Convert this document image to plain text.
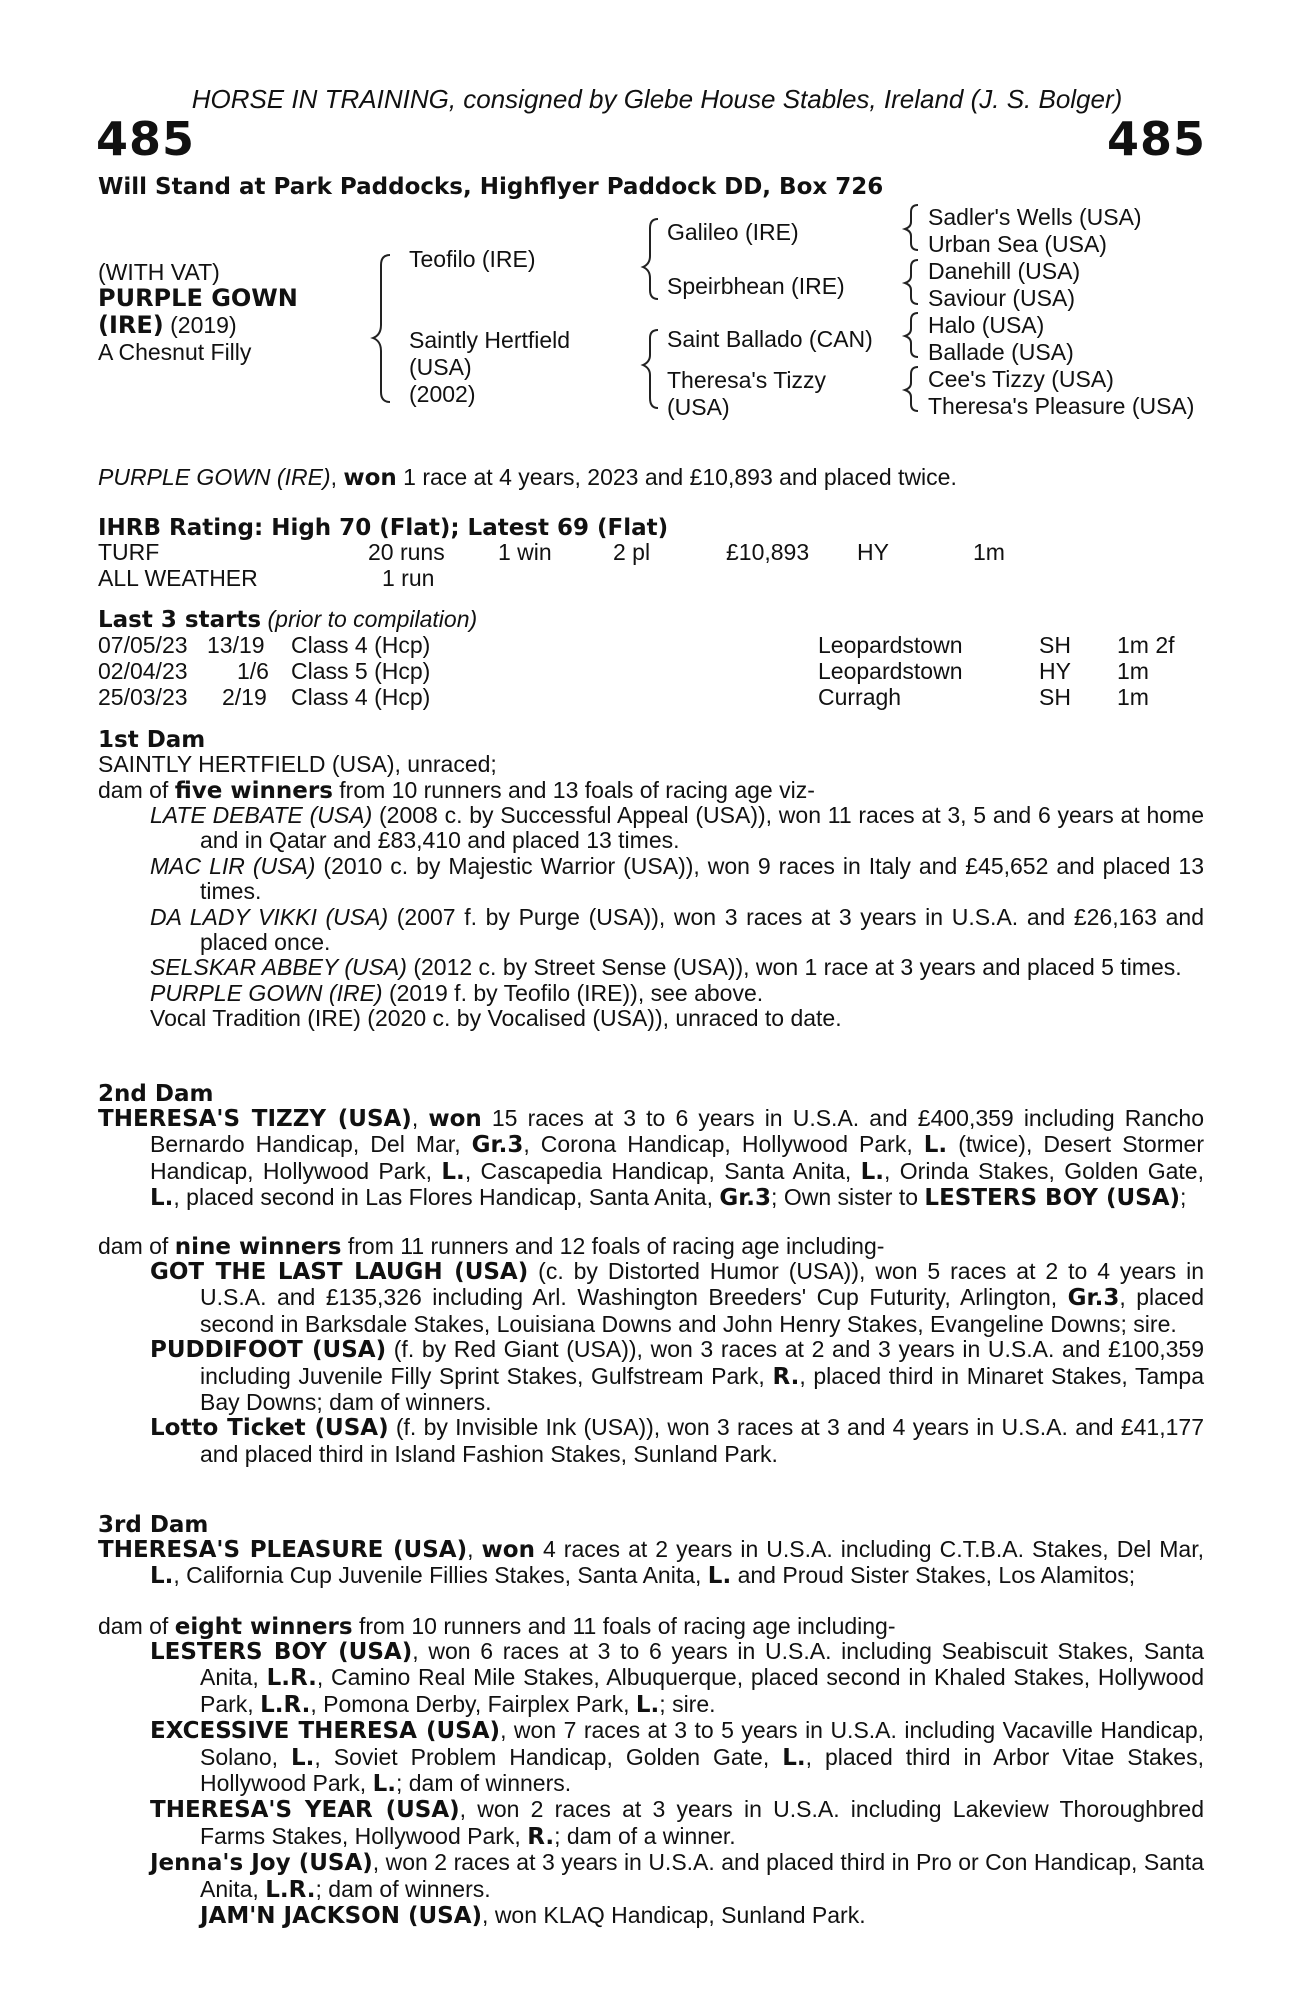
HORSE IN TRAINING, consigned by Glebe House Stables, Ireland (J. S. Bolger)
485	485
Will Stand at Park Paddocks, Highflyer Paddock DD, Box 726
(WITH VAT)
PURPLE GOWN
(IRE) (2019)
A Chesnut Filly
Teofilo (IRE)
Saintly Hertfield
(USA)
(2002)
Galileo (IRE)
Speirbhean (IRE)
Saint Ballado (CAN)
Theresa's Tizzy
(USA)
Sadler's Wells (USA)
Urban Sea (USA)
Danehill (USA)
Saviour (USA)
Halo (USA)
Ballade (USA)
Cee's Tizzy (USA)
Theresa's Pleasure (USA)
PURPLE GOWN (IRE), won 1 race at 4 years, 2023 and £10,893 and placed twice.
IHRB Rating: High 70 (Flat); Latest 69 (Flat)
TURF	20 runs 1 win	2 pl	£10,893 HY	1m
ALL WEATHER	1 run
Last 3 starts (prior to compilation)
07/05/23 13/19 Class 4 (Hcp)	Leopardstown	SH 1m 2f
02/04/23 1/6 Class 5 (Hcp)	Leopardstown	HY 1m
25/03/23 2/19 Class 4 (Hcp)	Curragh	SH 1m
1st Dam
SAINTLY HERTFIELD (USA), unraced;
dam of five winners from 10 runners and 13 foals of racing age viz-
LATE DEBATE (USA) (2008 c. by Successful Appeal (USA)), won 11 races at 3, 5 and 6 years at home and in Qatar and £83,410 and placed 13 times.
MAC LIR (USA) (2010 c. by Majestic Warrior (USA)), won 9 races in Italy and £45,652 and placed 13 times.
DA LADY VIKKI (USA) (2007 f. by Purge (USA)), won 3 races at 3 years in U.S.A. and £26,163 and placed once.
SELSKAR ABBEY (USA) (2012 c. by Street Sense (USA)), won 1 race at 3 years and placed 5 times.
PURPLE GOWN (IRE) (2019 f. by Teofilo (IRE)), see above.
Vocal Tradition (IRE) (2020 c. by Vocalised (USA)), unraced to date.
2nd Dam
THERESA'S TIZZY (USA), won 15 races at 3 to 6 years in U.S.A. and £400,359 including Rancho Bernardo Handicap, Del Mar, Gr.3, Corona Handicap, Hollywood Park, L. (twice), Desert Stormer Handicap, Hollywood Park, L., Cascapedia Handicap, Santa Anita, L., Orinda Stakes, Golden Gate, L., placed second in Las Flores Handicap, Santa Anita, Gr.3; Own sister to LESTERS BOY (USA);
dam of nine winners from 11 runners and 12 foals of racing age including-
GOT THE LAST LAUGH (USA) (c. by Distorted Humor (USA)), won 5 races at 2 to 4 years in U.S.A. and £135,326 including Arl. Washington Breeders' Cup Futurity, Arlington, Gr.3, placed second in Barksdale Stakes, Louisiana Downs and John Henry Stakes, Evangeline Downs; sire.
PUDDIFOOT (USA) (f. by Red Giant (USA)), won 3 races at 2 and 3 years in U.S.A. and £100,359 including Juvenile Filly Sprint Stakes, Gulfstream Park, R., placed third in Minaret Stakes, Tampa Bay Downs; dam of winners.
Lotto Ticket (USA) (f. by Invisible Ink (USA)), won 3 races at 3 and 4 years in U.S.A. and £41,177 and placed third in Island Fashion Stakes, Sunland Park.
3rd Dam
THERESA'S PLEASURE (USA), won 4 races at 2 years in U.S.A. including C.T.B.A. Stakes, Del Mar, L., California Cup Juvenile Fillies Stakes, Santa Anita, L. and Proud Sister Stakes, Los Alamitos;
dam of eight winners from 10 runners and 11 foals of racing age including-
LESTERS BOY (USA), won 6 races at 3 to 6 years in U.S.A. including Seabiscuit Stakes, Santa Anita, L.R., Camino Real Mile Stakes, Albuquerque, placed second in Khaled Stakes, Hollywood Park, L.R., Pomona Derby, Fairplex Park, L.; sire.
EXCESSIVE THERESA (USA), won 7 races at 3 to 5 years in U.S.A. including Vacaville Handicap, Solano, L., Soviet Problem Handicap, Golden Gate, L., placed third in Arbor Vitae Stakes, Hollywood Park, L.; dam of winners.
THERESA'S YEAR (USA), won 2 races at 3 years in U.S.A. including Lakeview Thoroughbred Farms Stakes, Hollywood Park, R.; dam of a winner.
Jenna's Joy (USA), won 2 races at 3 years in U.S.A. and placed third in Pro or Con Handicap, Santa Anita, L.R.; dam of winners.
JAM'N JACKSON (USA), won KLAQ Handicap, Sunland Park.
